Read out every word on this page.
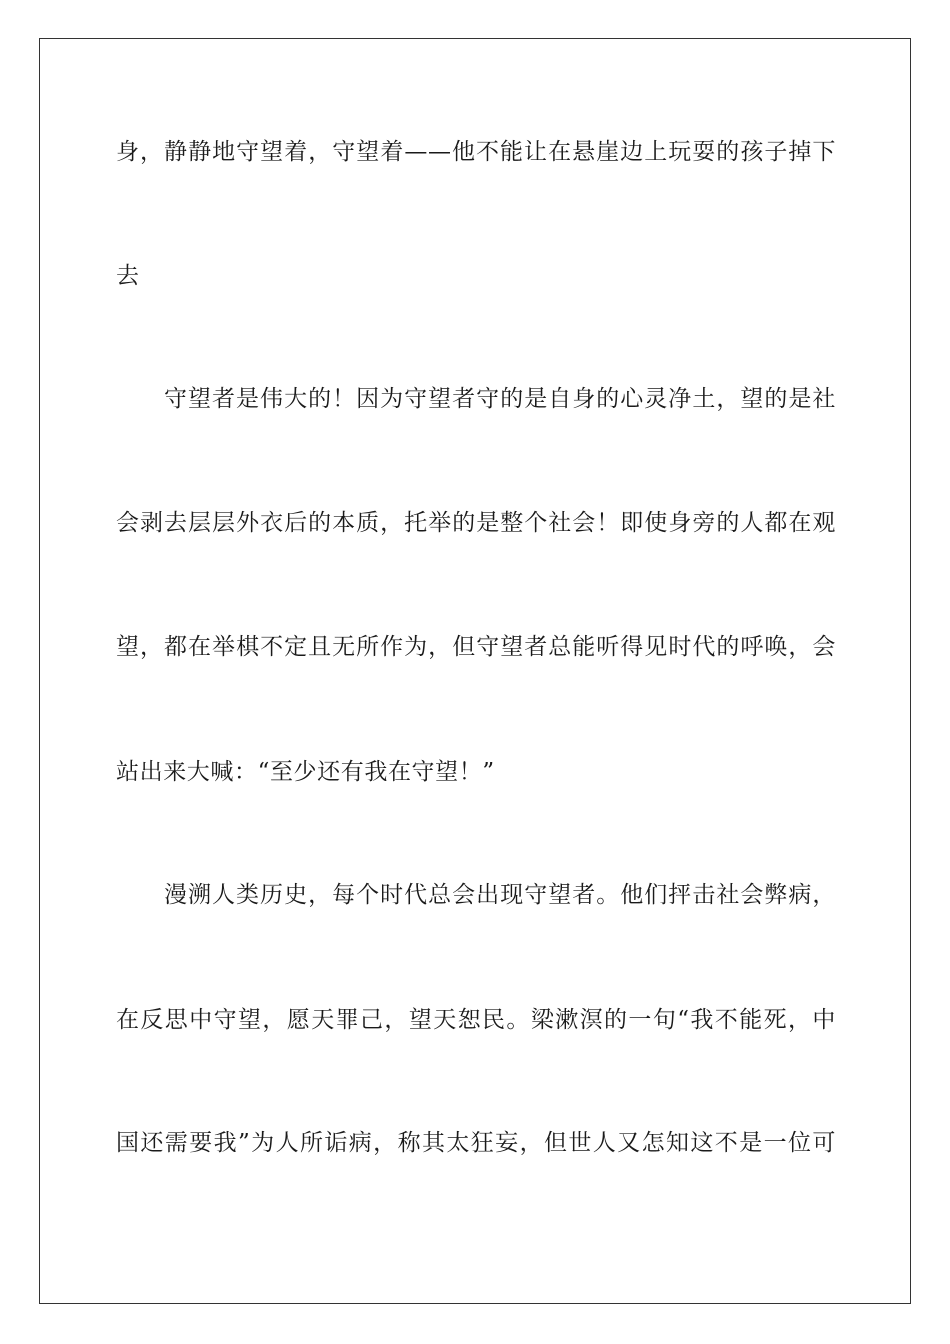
身，静静地守望着，守望着——他不能让在悬崖边上玩耍的孩子掉下
去
守望者是伟大的！因为守望者守的是自身的心灵净土，望的是社
会剥去层层外衣后的本质，托举的是整个社会！即使身旁的人都在观
望，都在举棋不定且无所作为，但守望者总能听得见时代的呼唤，会
站出来大喊：“至少还有我在守望！”
漫溯人类历史，每个时代总会出现守望者。他们抨击社会弊病，
在反思中守望，愿天罪己，望天恕民。梁漱溟的一句“我不能死，中
国还需要我”为人所诟病，称其太狂妄，但世人又怎知这不是一位可
